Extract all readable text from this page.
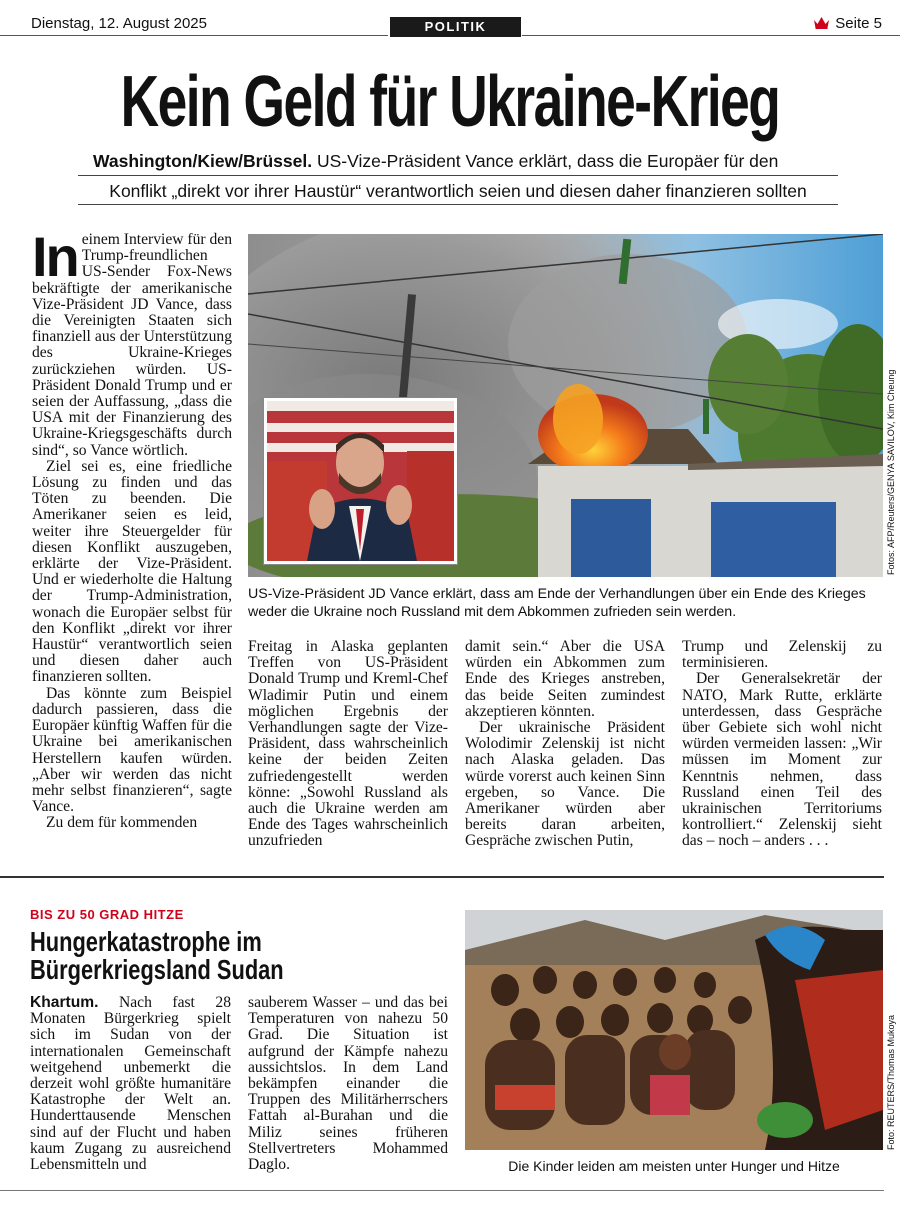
Dienstag, 12. August 2025	POLITIK	Seite 5
Kein Geld für Ukraine-Krieg
Washington/Kiew/Brüssel. US-Vize-Präsident Vance erklärt, dass die Europäer für den
Konflikt „direkt vor ihrer Haustür“ verantwortlich seien und diesen daher finanzieren sollten
In einem Interview für den Trump-freundlichen US-Sender Fox-News bekräftigte der amerikanische Vize-Präsident JD Vance, dass die Vereinigten Staaten sich finanziell aus der Unterstützung des Ukraine-Krieges zurückziehen würden. US-Präsident Donald Trump und er seien der Auffassung, „dass die USA mit der Finanzierung des Ukraine-Kriegsgeschäfts durch sind“, so Vance wörtlich.

Ziel sei es, eine friedliche Lösung zu finden und das Töten zu beenden. Die Amerikaner seien es leid, weiter ihre Steuergelder für diesen Konflikt auszugeben, erklärte der Vize-Präsident. Und er wiederholte die Haltung der Trump-Administration, wonach die Europäer selbst für den Konflikt „direkt vor ihrer Haustür“ verantwortlich seien und diesen daher auch finanzieren sollten.

Das könnte zum Beispiel dadurch passieren, dass die Europäer künftig Waffen für die Ukraine bei amerikanischen Herstellern kaufen würden. „Aber wir werden das nicht mehr selbst finanzieren“, sagte Vance.

Zu dem für kommenden

Fotos: AFP/Reuters/GENYA SAVILOV, Kim Cheung
US-Vize-Präsident JD Vance erklärt, dass am Ende der Verhandlungen über ein Ende des Krieges weder die Ukraine noch Russland mit dem Abkommen zufrieden sein werden.

Freitag in Alaska geplanten Treffen von US-Präsident Donald Trump und Kreml-Chef Wladimir Putin und einem möglichen Ergebnis der Verhandlungen sagte der Vize-Präsident, dass wahrscheinlich keine der beiden Zeiten zufriedengestellt werden könne: „Sowohl Russland als auch die Ukraine werden am Ende des Tages wahrscheinlich unzufrieden

damit sein.“ Aber die USA würden ein Abkommen zum Ende des Krieges anstreben, das beide Seiten zumindest akzeptieren könnten.

Der ukrainische Präsident Wolodimir Zelenskij ist nicht nach Alaska geladen. Das würde vorerst auch keinen Sinn ergeben, so Vance. Die Amerikaner würden aber bereits daran arbeiten, Gespräche zwischen Putin,

Trump und Zelenskij zu terminisieren.

Der Generalsekretär der NATO, Mark Rutte, erklärte unterdessen, dass Gespräche über Gebiete sich wohl nicht würden vermeiden lassen: „Wir müssen im Moment zur Kenntnis nehmen, dass Russland einen Teil des ukrainischen Territoriums kontrolliert.“ Zelenskij sieht das – noch – anders . . .

BIS ZU 50 GRAD HITZE
Hungerkatastrophe im
Bürgerkriegsland Sudan

Khartum. Nach fast 28 Monaten Bürgerkrieg spielt sich im Sudan von der internationalen Gemeinschaft weitgehend unbemerkt die derzeit wohl größte humanitäre Katastrophe der Welt an. Hunderttausende Menschen sind auf der Flucht und haben kaum Zugang zu ausreichend Lebensmitteln und

sauberem Wasser – und das bei Temperaturen von nahezu 50 Grad. Die Situation ist aufgrund der Kämpfe nahezu aussichtslos. In dem Land bekämpfen einander die Truppen des Militärherrschers Fattah al-Burahan und die Miliz seines früheren Stellvertreters Mohammed Daglo.

Foto: REUTERS/Thomas Mukoya
Die Kinder leiden am meisten unter Hunger und Hitze
